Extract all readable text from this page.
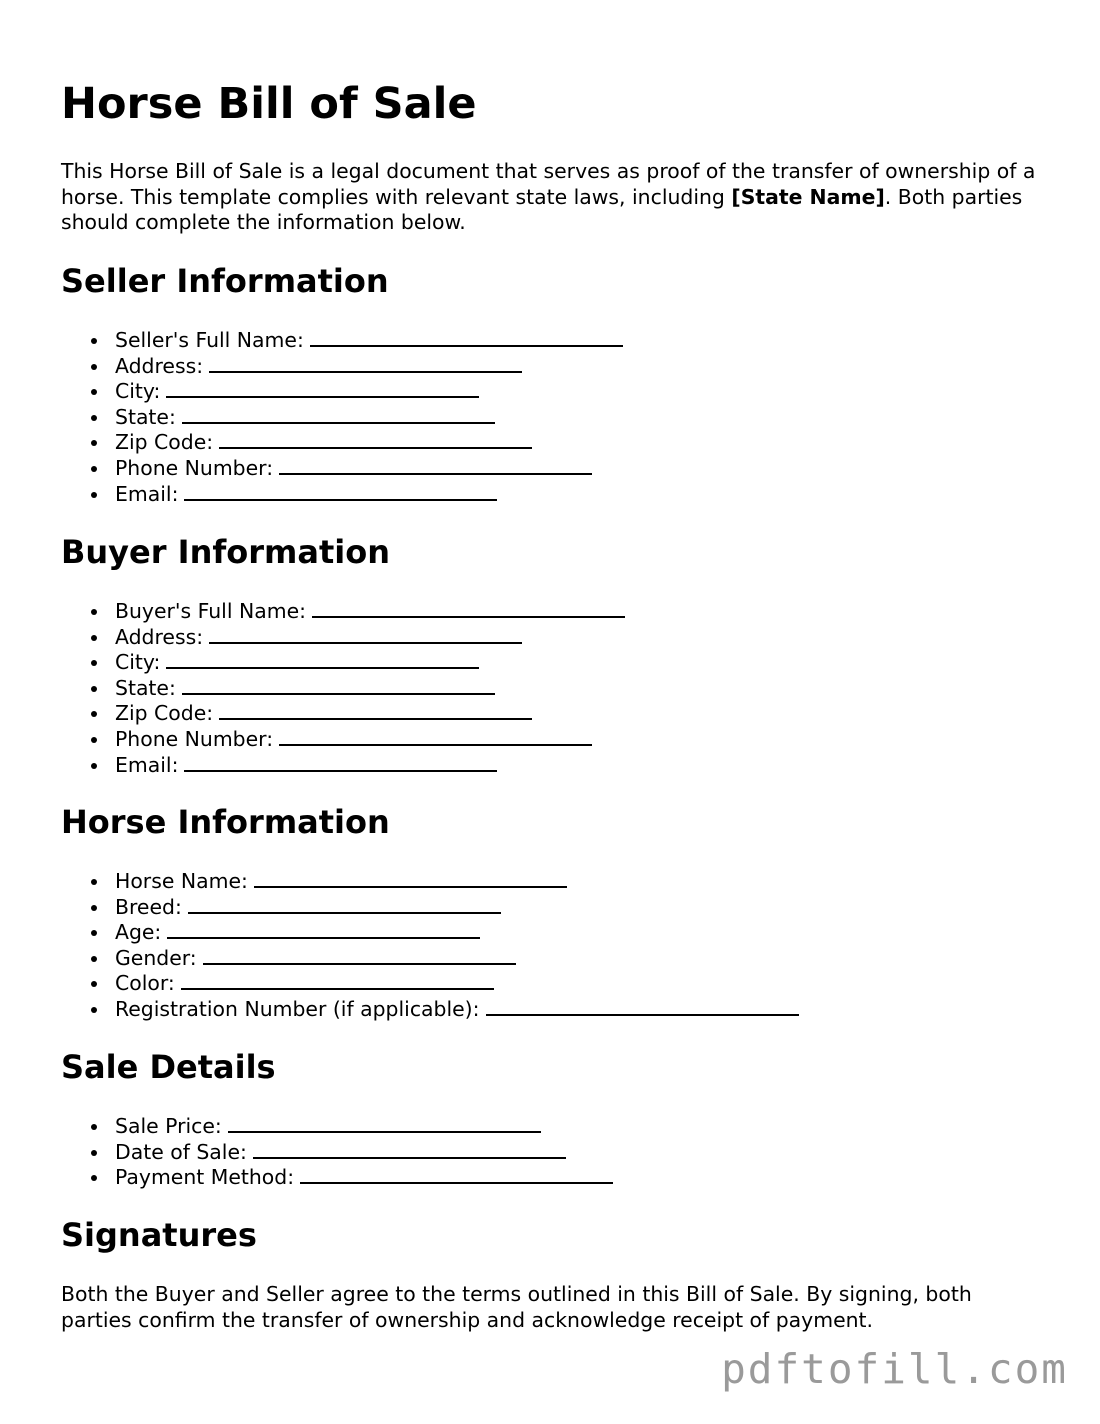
Horse Bill of Sale

This Horse Bill of Sale is a legal document that serves as proof of the transfer of ownership of a horse. This template complies with relevant state laws, including [State Name]. Both parties should complete the information below.

Seller Information
Seller's Full Name:
Address:
City:
State:
Zip Code:
Phone Number:
Email:
Buyer Information
Buyer's Full Name:
Address:
City:
State:
Zip Code:
Phone Number:
Email:
Horse Information
Horse Name:
Breed:
Age:
Gender:
Color:
Registration Number (if applicable):
Sale Details
Sale Price:
Date of Sale:
Payment Method:
Signatures

Both the Buyer and Seller agree to the terms outlined in this Bill of Sale. By signing, both parties confirm the transfer of ownership and acknowledge receipt of payment.

pdftofill.com
